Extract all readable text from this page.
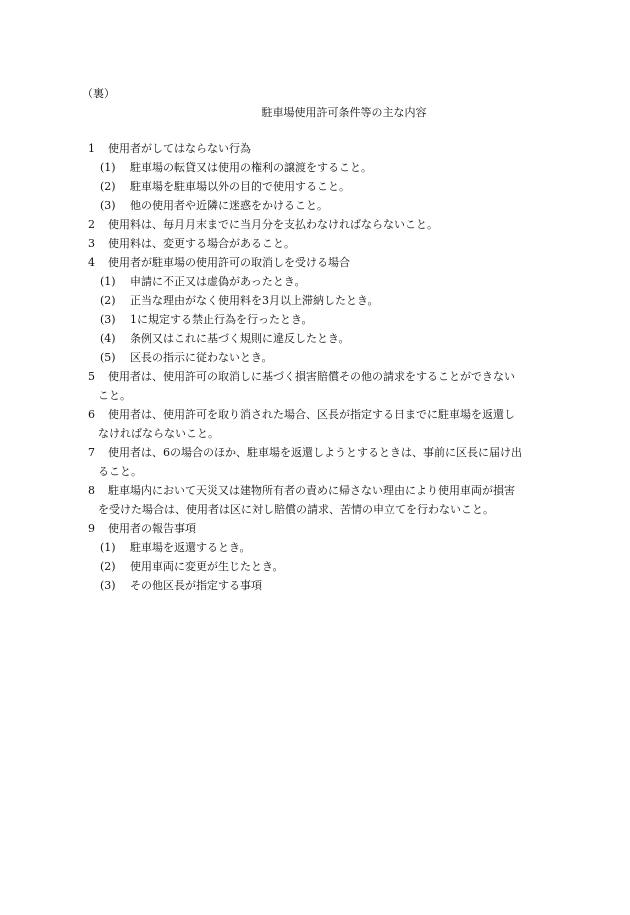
（裏）
駐車場使用許可条件等の主な内容
1 使用者がしてはならない行為
(1)	駐車場の転貸又は使用の権利の譲渡をすること。
(2)	駐車場を駐車場以外の目的で使用すること。
(3)	他の使用者や近隣に迷惑をかけること。
2 使用料は、毎月月末までに当月分を支払わなければならないこと。
3 使用料は、変更する場合があること。
4 使用者が駐車場の使用許可の取消しを受ける場合
(1)	申請に不正又は虚偽があったとき。
(2)	正当な理由がなく使用料を3月以上滞納したとき。
(3)	1に規定する禁止行為を行ったとき。
(4)	条例又はこれに基づく規則に違反したとき。
(5)	区長の指示に従わないとき。
5 使用者は、使用許可の取消しに基づく損害賠償その他の請求をすることができない
こと。
6 使用者は、使用許可を取り消された場合、区長が指定する日までに駐車場を返還し
なければならないこと。
7 使用者は、6の場合のほか、駐車場を返還しようとするときは、事前に区長に届け出
ること。
8 駐車場内において天災又は建物所有者の責めに帰さない理由により使用車両が損害
を受けた場合は、使用者は区に対し賠償の請求、苦情の申立てを行わないこと。
9 使用者の報告事項
(1)	駐車場を返還するとき。
(2)	使用車両に変更が生じたとき。
(3)	その他区長が指定する事項
